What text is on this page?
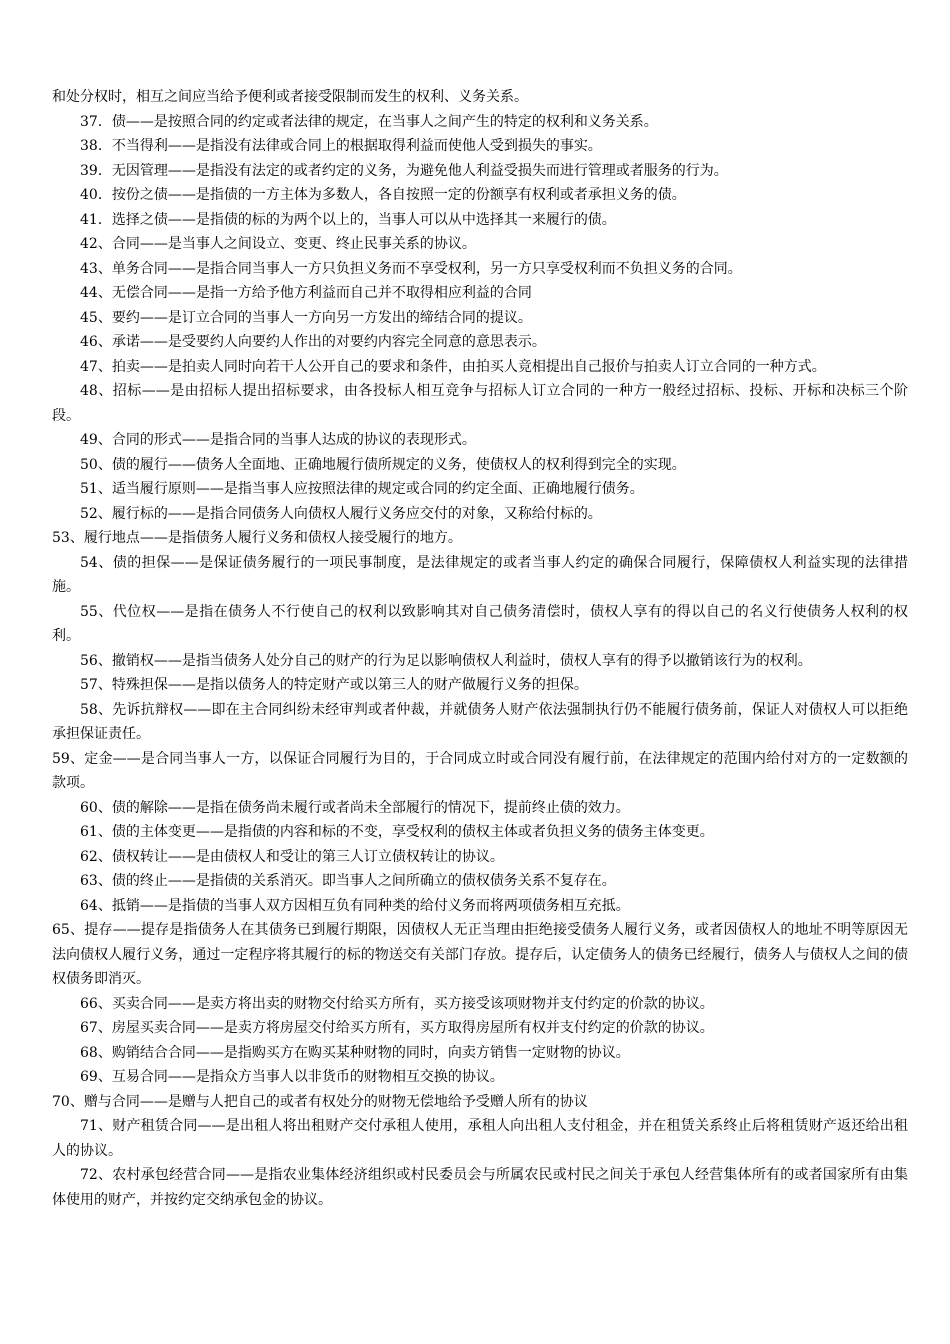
和处分权时，相互之间应当给予便利或者接受限制而发生的权利、义务关系。

37．债——是按照合同的约定或者法律的规定，在当事人之间产生的特定的权利和义务关系。

38．不当得利——是指没有法律或合同上的根据取得利益而使他人受到损失的事实。

39．无因管理——是指没有法定的或者约定的义务，为避免他人利益受损失而进行管理或者服务的行为。

40．按份之债——是指债的一方主体为多数人，各自按照一定的份额享有权利或者承担义务的债。

41．选择之债——是指债的标的为两个以上的，当事人可以从中选择其一来履行的债。

42、合同——是当事人之间设立、变更、终止民事关系的协议。

43、单务合同——是指合同当事人一方只负担义务而不享受权利，另一方只享受权利而不负担义务的合同。

44、无偿合同——是指一方给予他方利益而自己并不取得相应利益的合同

45、要约——是订立合同的当事人一方向另一方发出的缔结合同的提议。

46、承诺——是受要约人向要约人作出的对要约内容完全同意的意思表示。

47、拍卖——是拍卖人同时向若干人公开自己的要求和条件，由拍买人竞相提出自己报价与拍卖人订立合同的一种方式。

48、招标——是由招标人提出招标要求，由各投标人相互竞争与招标人订立合同的一种方一般经过招标、投标、开标和决标三个阶段。

49、合同的形式——是指合同的当事人达成的协议的表现形式。

50、债的履行——债务人全面地、正确地履行债所规定的义务，使债权人的权利得到完全的实现。

51、适当履行原则——是指当事人应按照法律的规定或合同的约定全面、正确地履行债务。

52、履行标的——是指合同债务人向债权人履行义务应交付的对象，又称给付标的。

53、履行地点——是指债务人履行义务和债权人接受履行的地方。

54、债的担保——是保证债务履行的一项民事制度，是法律规定的或者当事人约定的确保合同履行，保障债权人利益实现的法律措施。

55、代位权——是指在债务人不行使自己的权利以致影响其对自己债务清偿时，债权人享有的得以自己的名义行使债务人权利的权利。

56、撤销权——是指当债务人处分自己的财产的行为足以影响债权人利益时，债权人享有的得予以撤销该行为的权利。

57、特殊担保——是指以债务人的特定财产或以第三人的财产做履行义务的担保。

58、先诉抗辩权——即在主合同纠纷未经审判或者仲裁，并就债务人财产依法强制执行仍不能履行债务前，保证人对债权人可以拒绝承担保证责任。

59、定金——是合同当事人一方，以保证合同履行为目的，于合同成立时或合同没有履行前，在法律规定的范围内给付对方的一定数额的款项。

60、债的解除——是指在债务尚未履行或者尚未全部履行的情况下，提前终止债的效力。

61、债的主体变更——是指债的内容和标的不变，享受权利的债权主体或者负担义务的债务主体变更。

62、债权转让——是由债权人和受让的第三人订立债权转让的协议。

63、债的终止——是指债的关系消灭。即当事人之间所确立的债权债务关系不复存在。

64、抵销——是指债的当事人双方因相互负有同种类的给付义务而将两项债务相互充抵。

65、提存——提存是指债务人在其债务已到履行期限，因债权人无正当理由拒绝接受债务人履行义务，或者因债权人的地址不明等原因无法向债权人履行义务，通过一定程序将其履行的标的物送交有关部门存放。提存后，认定债务人的债务已经履行，债务人与债权人之间的债权债务即消灭。

66、买卖合同——是卖方将出卖的财物交付给买方所有，买方接受该项财物并支付约定的价款的协议。

67、房屋买卖合同——是卖方将房屋交付给买方所有，买方取得房屋所有权并支付约定的价款的协议。

68、购销结合合同——是指购买方在购买某种财物的同时，向卖方销售一定财物的协议。

69、互易合同——是指众方当事人以非货币的财物相互交换的协议。

70、赠与合同——是赠与人把自己的或者有权处分的财物无偿地给予受赠人所有的协议

71、财产租赁合同——是出租人将出租财产交付承租人使用，承租人向出租人支付租金，并在租赁关系终止后将租赁财产返还给出租人的协议。

72、农村承包经营合同——是指农业集体经济组织或村民委员会与所属农民或村民之间关于承包人经营集体所有的或者国家所有由集体使用的财产，并按约定交纳承包金的协议。
